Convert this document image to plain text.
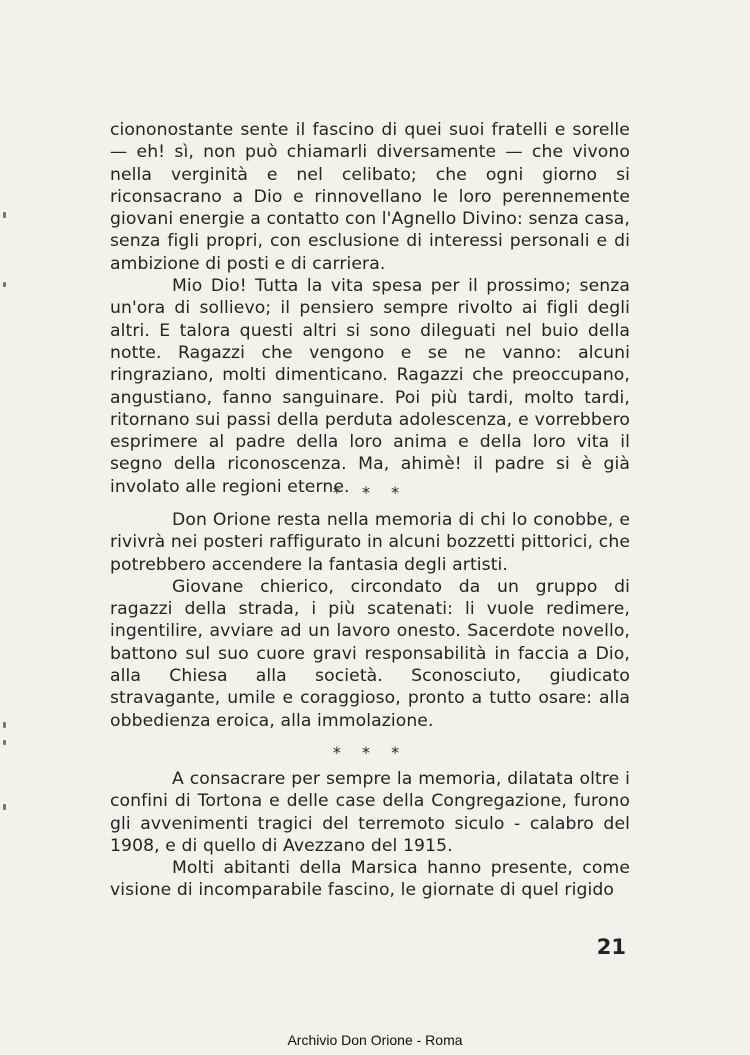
ciononostante sente il fascino di quei suoi fratelli e sorelle — eh! sì, non può chiamarli diversamente — che vivono nella verginità e nel celibato; che ogni giorno si riconsacrano a Dio e rinnovellano le loro perennemente giovani energie a contatto con l'Agnello Divino: senza casa, senza figli propri, con esclusione di interessi personali e di ambizione di posti e di carriera.

Mio Dio! Tutta la vita spesa per il prossimo; senza un'ora di sollievo; il pensiero sempre rivolto ai figli degli altri. E talora questi altri si sono dileguati nel buio della notte. Ragazzi che vengono e se ne vanno: alcuni ringraziano, molti dimenticano. Ragazzi che preoccupano, angustiano, fanno sanguinare. Poi più tardi, molto tardi, ritornano sui passi della perduta adolescenza, e vorrebbero esprimere al padre della loro anima e della loro vita il segno della riconoscenza. Ma, ahimè! il padre si è già involato alle regioni eterne.

* * *

Don Orione resta nella memoria di chi lo conobbe, e rivivrà nei posteri raffigurato in alcuni bozzetti pittorici, che potrebbero accendere la fantasia degli artisti.

Giovane chierico, circondato da un gruppo di ragazzi della strada, i più scatenati: li vuole redimere, ingentilire, avviare ad un lavoro onesto. Sacerdote novello, battono sul suo cuore gravi responsabilità in faccia a Dio, alla Chiesa alla società. Sconosciuto, giudicato stravagante, umile e coraggioso, pronto a tutto osare: alla obbedienza eroica, alla immolazione.

* * *

A consacrare per sempre la memoria, dilatata oltre i confini di Tortona e delle case della Congregazione, furono gli avvenimenti tragici del terremoto siculo - calabro del 1908, e di quello di Avezzano del 1915.

Molti abitanti della Marsica hanno presente, come visione di incomparabile fascino, le giornate di quel rigido

21
Archivio Don Orione - Roma
